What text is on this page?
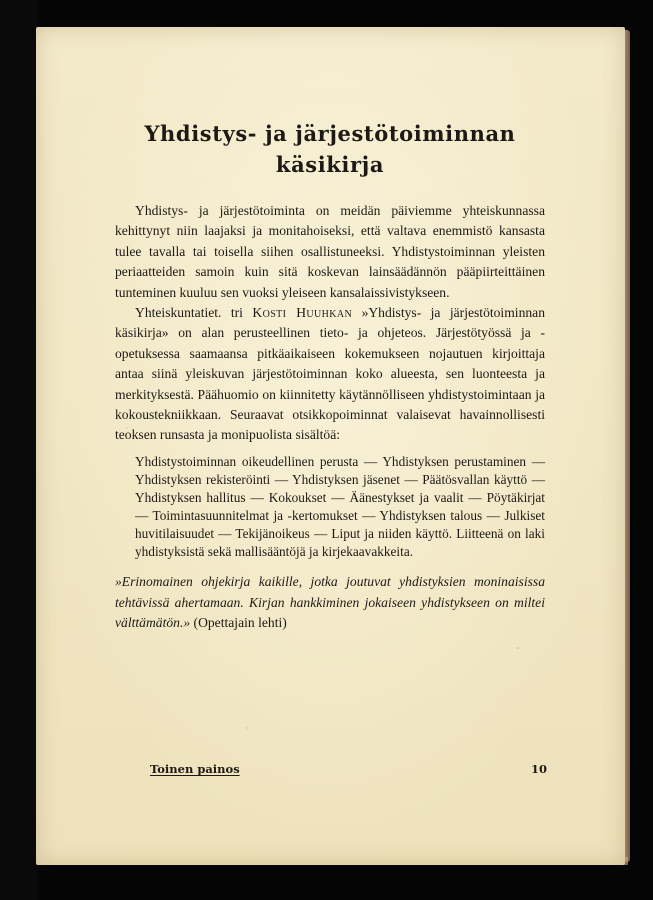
Yhdistys- ja järjestötoiminnan
käsikirja

Yhdistys- ja järjestötoiminta on meidän päiviemme yhteiskunnassa kehittynyt niin laajaksi ja monitahoiseksi, että valtava enemmistö kansasta tulee tavalla tai toisella siihen osallistuneeksi. Yhdistystoiminnan yleisten periaatteiden samoin kuin sitä koskevan lainsäädännön pääpiirteittäinen tunteminen kuuluu sen vuoksi yleiseen kansalaissivistykseen.

Yhteiskuntatiet. tri Kosti Huuhkan »Yhdistys- ja järjestötoiminnan käsikirja» on alan perusteellinen tieto- ja ohjeteos. Järjestötyössä ja -opetuksessa saamaansa pitkäaikaiseen kokemukseen nojautuen kirjoittaja antaa siinä yleiskuvan järjestötoiminnan koko alueesta, sen luonteesta ja merkityksestä. Päähuomio on kiinnitetty käytännölliseen yhdistystoimintaan ja kokoustekniikkaan. Seuraavat otsikkopoiminnat valaisevat havainnollisesti teoksen runsasta ja monipuolista sisältöä:

Yhdistystoiminnan oikeudellinen perusta — Yhdistyksen perustaminen — Yhdistyksen rekisteröinti — Yhdistyksen jäsenet — Päätösvallan käyttö — Yhdistyksen hallitus — Kokoukset — Äänestykset ja vaalit — Pöytäkirjat — Toimintasuunnitelmat ja -kertomukset — Yhdistyksen talous — Julkiset huvitilaisuudet — Tekijänoikeus — Liput ja niiden käyttö. Liitteenä on laki yhdistyksistä sekä mallisääntöjä ja kirjekaavakkeita.

»Erinomainen ohjekirja kaikille, jotka joutuvat yhdistyksien moninaisissa tehtävissä ahertamaan. Kirjan hankkiminen jokaiseen yhdistykseen on miltei välttämätön.» (Opettajain lehti)

Toinen painos	10
